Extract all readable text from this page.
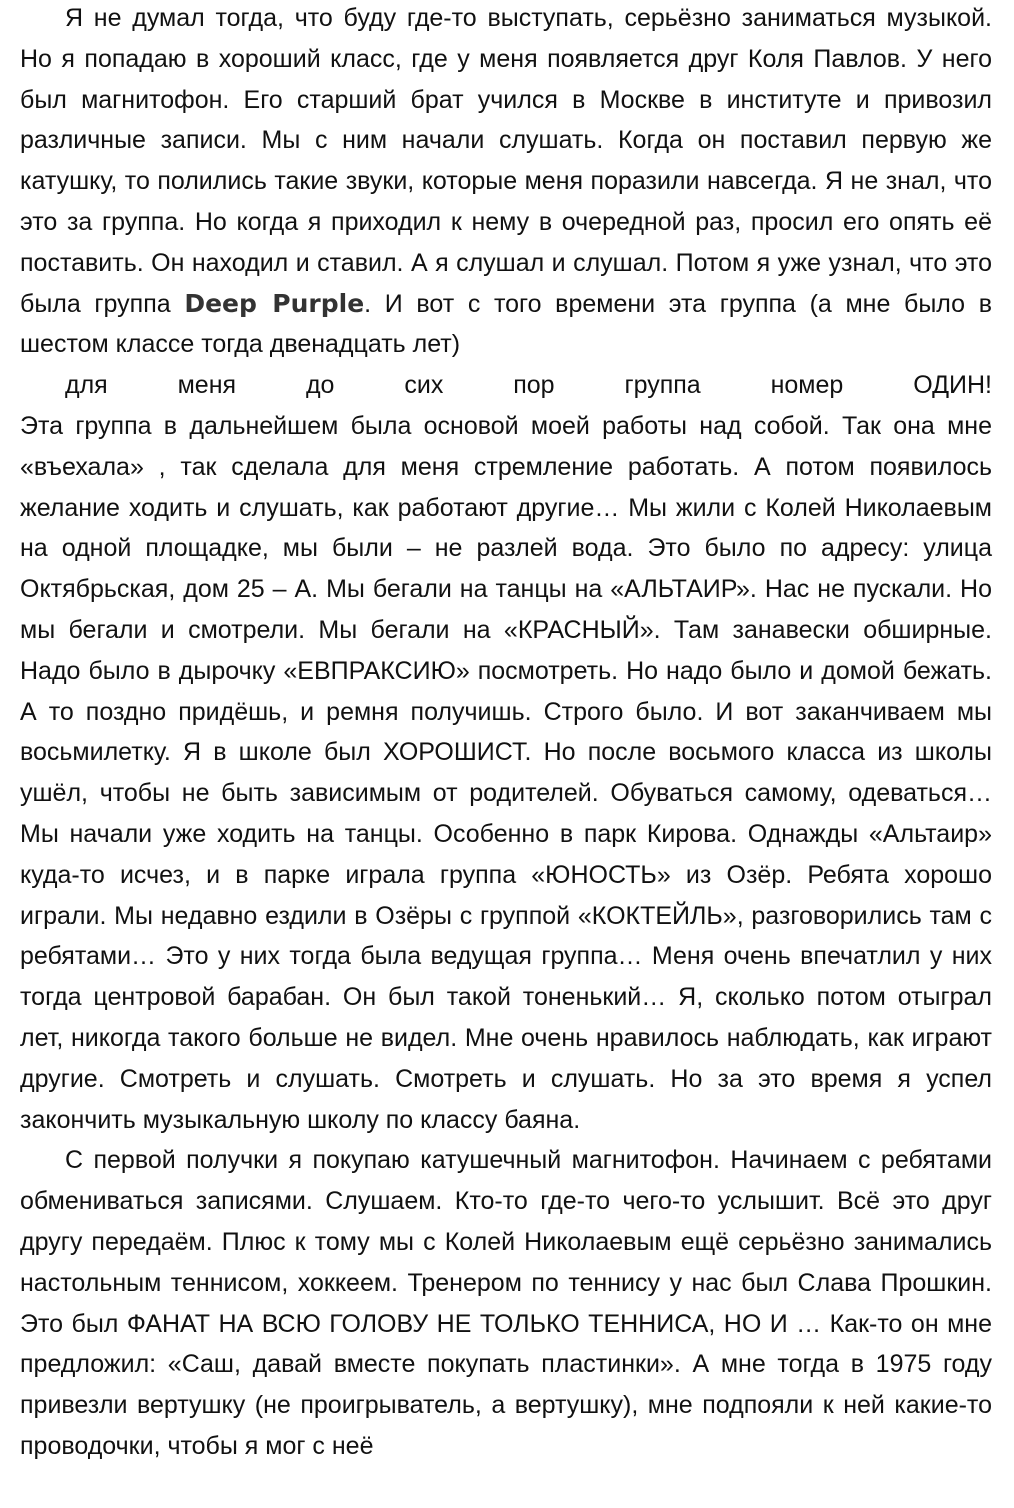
Я не думал тогда, что буду где-то выступать, серьёзно заниматься музыкой. Но я попадаю в хороший класс, где у меня появляется друг Коля Павлов. У него был магнитофон. Его старший брат учился в Москве в институте и привозил различные записи. Мы с ним начали слушать. Когда он поставил первую же катушку, то полились такие звуки, которые меня поразили навсегда. Я не знал, что это за группа. Но когда я приходил к нему в очередной раз, просил его опять её поставить. Он находил и ставил. А я слушал и слушал. Потом я уже узнал, что это была группа Deep Purple. И вот с того времени эта группа (а мне было в шестом классе тогда двенадцать лет)
для меня до сих пор группа номер ОДИН!

Эта группа в дальнейшем была основой моей работы над собой. Так она мне «въехала» , так сделала для меня стремление работать. А потом появилось желание ходить и слушать, как работают другие… Мы жили с Колей Николаевым на одной площадке, мы были – не разлей вода. Это было по адресу: улица Октябрьская, дом 25 – А. Мы бегали на танцы на «АЛЬТАИР». Нас не пускали. Но мы бегали и смотрели. Мы бегали на «КРАСНЫЙ». Там занавески обширные. Надо было в дырочку «ЕВПРАКСИЮ» посмотреть. Но надо было и домой бежать. А то поздно придёшь, и ремня получишь. Строго было. И вот заканчиваем мы восьмилетку. Я в школе был ХОРОШИСТ. Но после восьмого класса из школы ушёл, чтобы не быть зависимым от родителей. Обуваться самому, одеваться… Мы начали уже ходить на танцы. Особенно в парк Кирова. Однажды «Альтаир» куда-то исчез, и в парке играла группа «ЮНОСТЬ» из Озёр. Ребята хорошо играли. Мы недавно ездили в Озёры с группой «КОКТЕЙЛЬ», разговорились там с ребятами… Это у них тогда была ведущая группа… Меня очень впечатлил у них тогда центровой барабан. Он был такой тоненький… Я, сколько потом отыграл лет, никогда такого больше не видел. Мне очень нравилось наблюдать, как играют другие. Смотреть и слушать. Смотреть и слушать. Но за это время я успел закончить музыкальную школу по классу баяна.

С первой получки я покупаю катушечный магнитофон. Начинаем с ребятами обмениваться записями. Слушаем. Кто-то где-то чего-то услышит. Всё это друг другу передаём. Плюс к тому мы с Колей Николаевым ещё серьёзно занимались настольным теннисом, хоккеем. Тренером по теннису у нас был Слава Прошкин. Это был ФАНАТ НА ВСЮ ГОЛОВУ НЕ ТОЛЬКО ТЕННИСА, НО И … Как-то он мне предложил: «Саш, давай вместе покупать пластинки». А мне тогда в 1975 году привезли вертушку (не проигрыватель, а вертушку), мне подпояли к ней какие-то проводочки, чтобы я мог с неё
